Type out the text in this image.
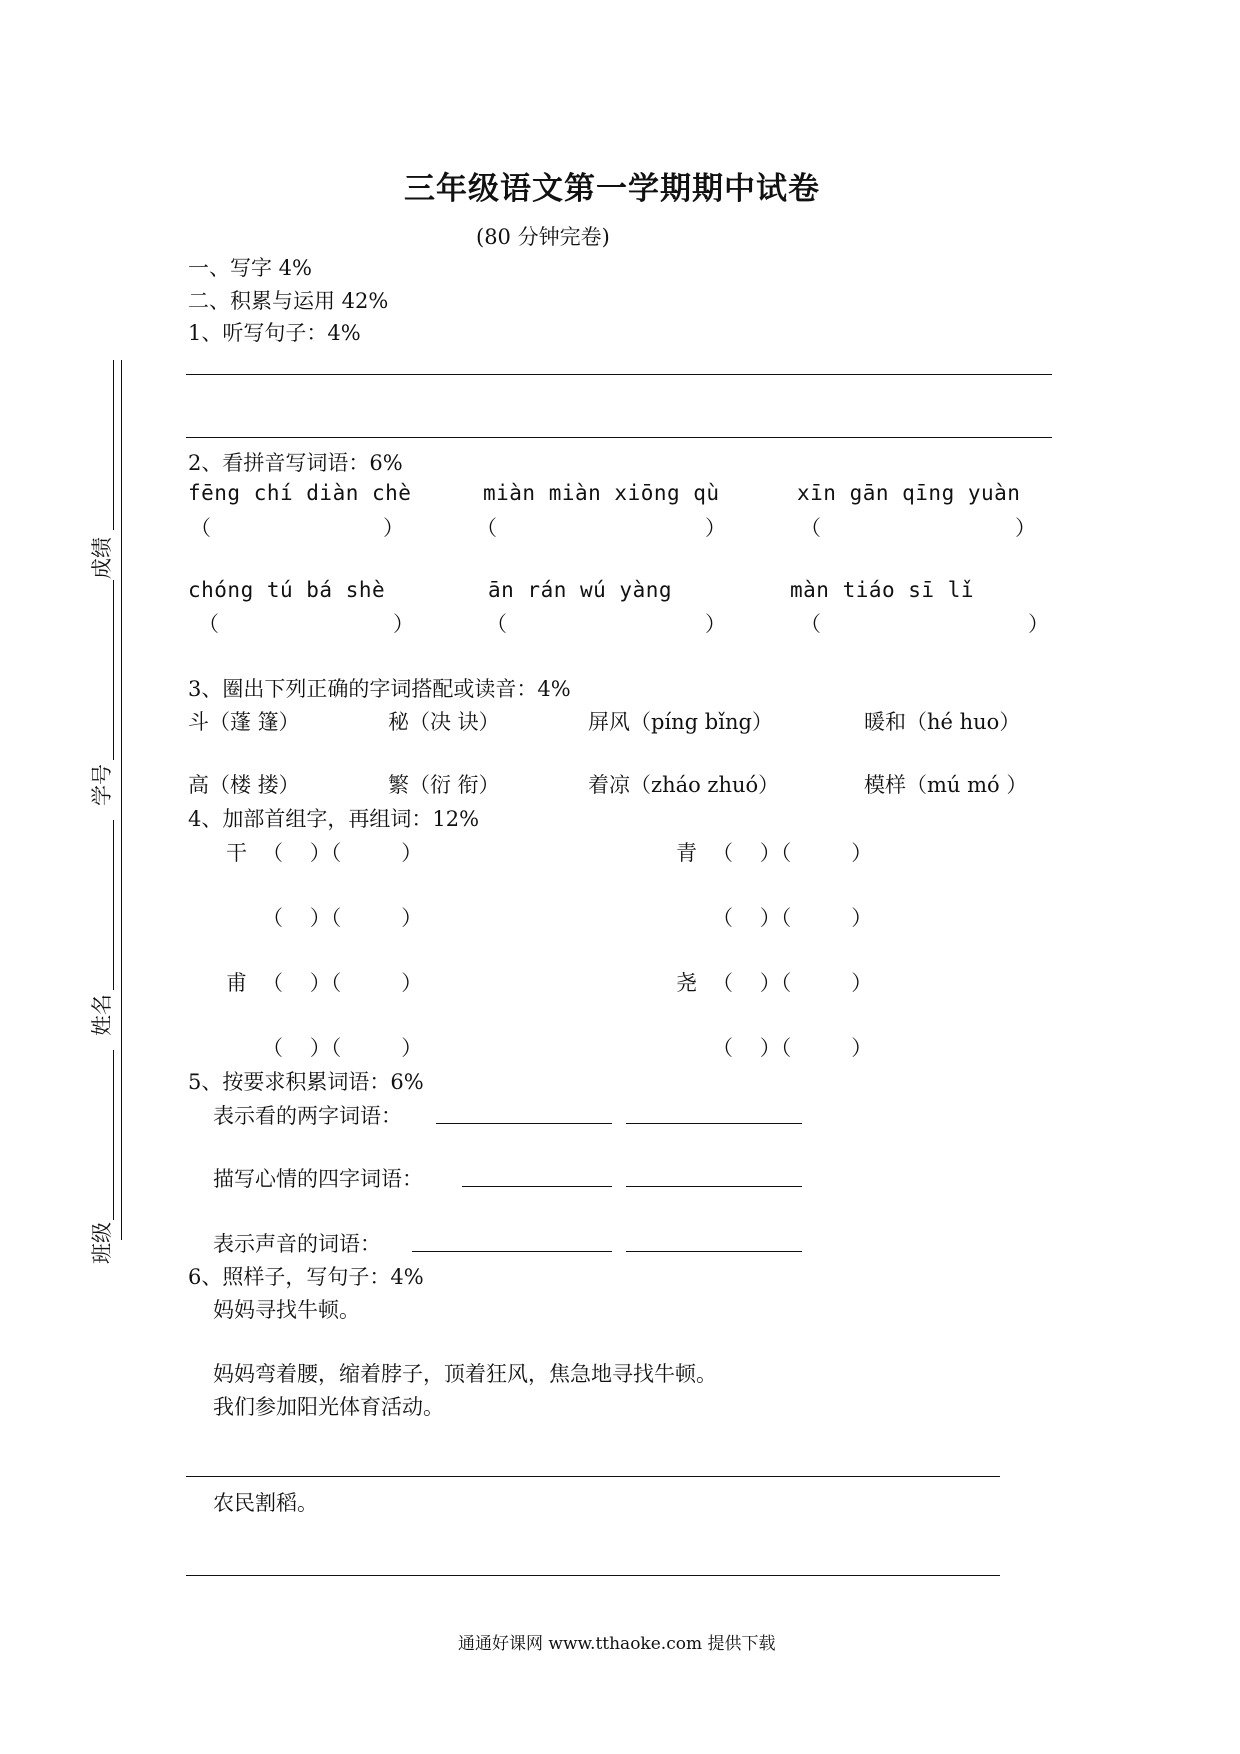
三年级语文第一学期期中试卷
(80 分钟完卷)
成绩
学号
姓名
班级
一、写字 4%
二、积累与运用 42%
1、听写句子：4%
2、看拼音写词语：6%
fēng chí diàn chè	miàn miàn xiōng qù	xīn gān qīng yuàn
（	）	（	）	（	）
chóng tú bá shè	ān rán wú yàng	màn tiáo sī lǐ
（	）	（	）	（	）
3、圈出下列正确的字词搭配或读音：4%
斗（蓬 篷）	秘（决 诀）	屏风（píng bǐng）	暖和（hé huo）
高（楼 搂）	繁（衍 衔）	着凉（zháo zhuó）	模样（mú mó ）
4、加部首组字，再组词：12%
干 （    ）（         ）	青 （    ）（         ）
（    ）（         ）	（    ）（         ）
甫 （    ）（         ）	尧 （    ）（         ）
（    ）（         ）	（    ）（         ）
5、按要求积累词语：6%
表示看的两字词语：
描写心情的四字词语：
表示声音的词语：
6、照样子，写句子：4%
妈妈寻找牛顿。
妈妈弯着腰，缩着脖子，顶着狂风，焦急地寻找牛顿。
我们参加阳光体育活动。
农民割稻。
通通好课网 www.tthaoke.com 提供下载
